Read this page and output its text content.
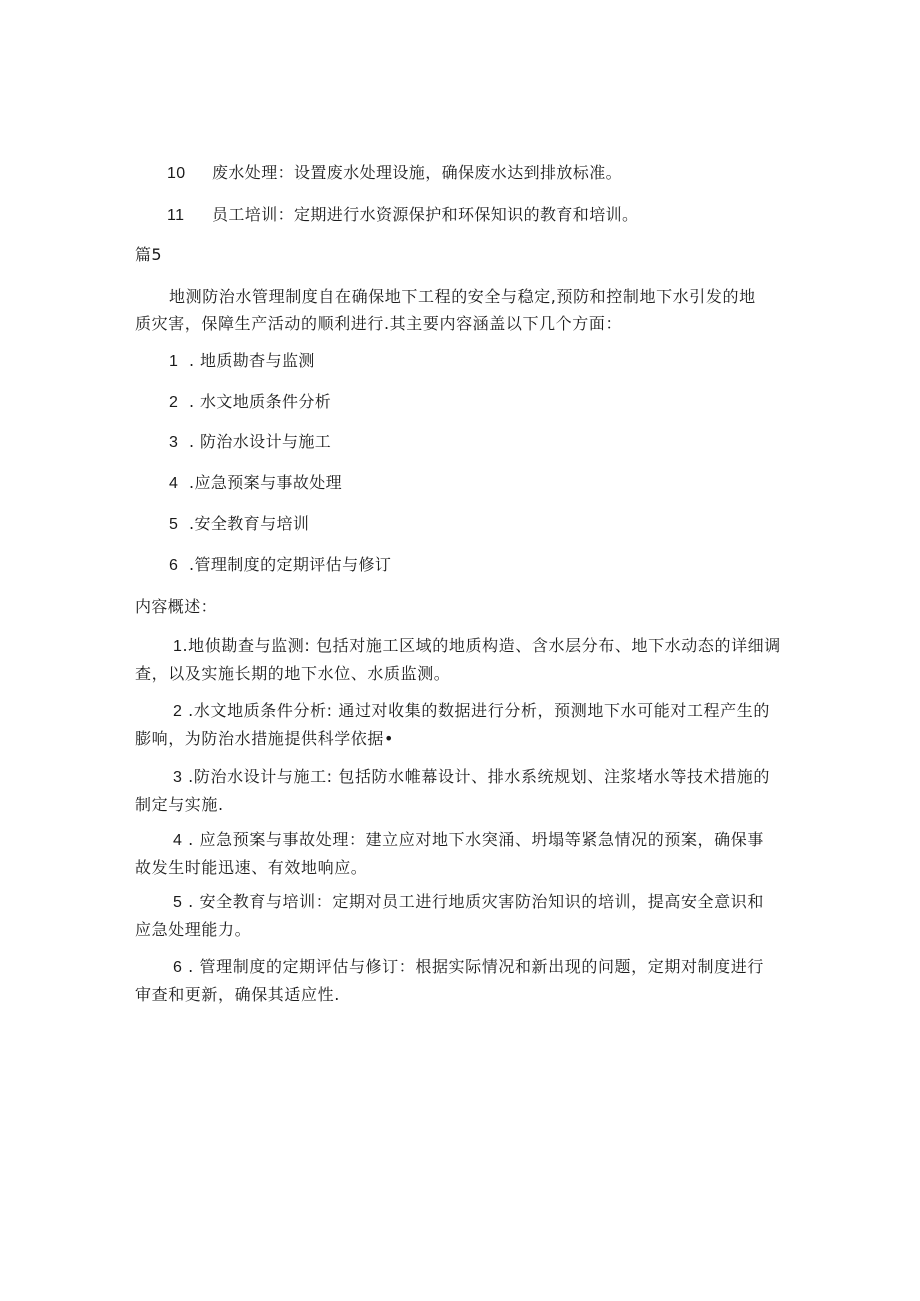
10 废水处理：设置废水处理设施，确保废水达到排放标准。
11 员工培训：定期进行水资源保护和环保知识的教育和培训。
篇5
地测防治水管理制度自在确保地下工程的安全与稳定,预防和控制地下水引发的地
质灾害，保障生产活动的顺利进行.其主要内容涵盖以下几个方面：
1 . 地质勘杳与监测
2 . 水文地质条件分析
3 . 防治水设计与施工
4 .应急预案与事故处理
5 .安全教育与培训
6 .管理制度的定期评估与修订
内容概述：
1.地侦勘查与监测: 包括对施工区域的地质构造、含水层分布、地下水动态的详细调
查，以及实施长期的地下水位、水质监测。
2 .水文地质条件分析: 通过对收集的数据进行分析，预测地下水可能对工程产生的
膨响，为防治水措施提供科学依据•
3 .防治水设计与施工: 包括防水帷幕设计、排水系统规划、注浆堵水等技术措施的
制定与实施.
4 . 应急预案与事故处理：建立应对地下水突涌、坍塌等紧急情况的预案，确保事
故发生时能迅速、有效地响应。
5 . 安全教育与培训：定期对员工进行地质灾害防治知识的培训，提高安全意识和
应急处理能力。
6 . 管理制度的定期评估与修订：根据实际情况和新出现的问题，定期对制度进行
审查和更新，确保其适应性.
